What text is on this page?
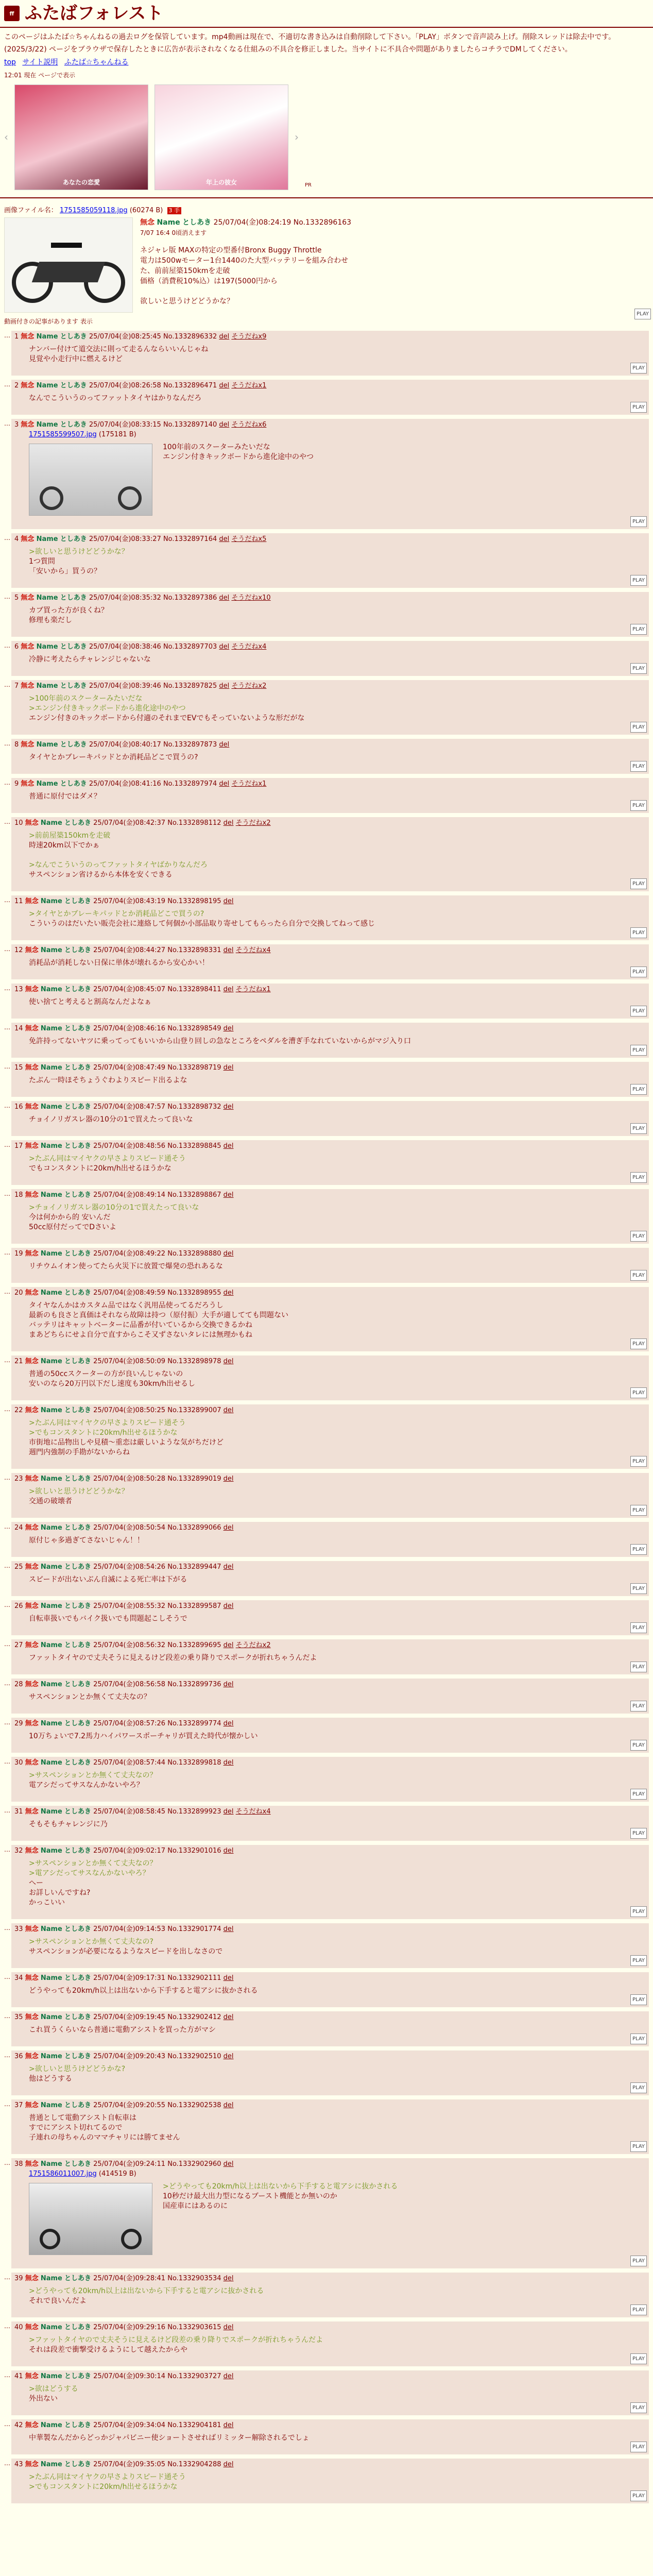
ff ふたばフォレスト
このページはふたば☆ちゃんねるの過去ログを保管しています。mp4動画は現在で、不適切な書き込みは自動削除して下さい。「PLAY」ボタンで音声読み上げ。削除スレッドは除去中です。
(2025/3/22) ページをブラウザで保存したときに広告が表示されなくなる仕組みの不具合を修正しました。当サイトに不具合や問題がありましたらコチラでDMしてください。
top サイト説明 ふたば☆ちゃんねる
12:01 現在 ページで表示
‹
あなたの恋愛	年上の彼女
›
PR
画像ファイル名： 1751585059118.jpg (60274 B) 3 手
無念 Name としあき 25/07/04(金)08:24:19 No.1332896163
7/07 16:4 0頃消えます
ネジャレ版 MAXの特定の型番付Bronx Buggy Throttle
電力は500wモーター1台1440のた大型バッテリーを組み合わせ
た、前前屋築150kmを走破
価格（消費税10%込）は197(5000円から
欲しいと思うけどどうかな？
動画付きの記事があります 表示
PLAY
… 1 無念 Name としあき 25/07/04(金)08:25:45 No.1332896332 del そうだねx9
ナンバー付けて道交法に則って走るんならいいんじゃね
見覚や小走行中に燃えるけど
PLAY
… 2 無念 Name としあき 25/07/04(金)08:26:58 No.1332896471 del そうだねx1
なんでこういうのってファットタイヤはかりなんだろ
PLAY
… 3 無念 Name としあき 25/07/04(金)08:33:15 No.1332897140 del そうだねx6
1751585599507.jpg (175181 B)
100年前のスクーターみたいだな
エンジン付きキックボードから進化途中のやつ
PLAY
… 4 無念 Name としあき 25/07/04(金)08:33:27 No.1332897164 del そうだねx5
>欲しいと思うけどどうかな？
1つ質問
「安いから」買うの？
PLAY
… 5 無念 Name としあき 25/07/04(金)08:35:32 No.1332897386 del そうだねx10
カブ買った方が良くね？
修理も楽だし
PLAY
… 6 無念 Name としあき 25/07/04(金)08:38:46 No.1332897703 del そうだねx4
冷静に考えたらチャレンジじゃないな
PLAY
… 7 無念 Name としあき 25/07/04(金)08:39:46 No.1332897825 del そうだねx2
>100年前のスクーターみたいだな
>エンジン付きキックボードから進化途中のやつ
エンジン付きのキックボードから付適のそれまでEVでもそっていないような形だがな
PLAY
… 8 無念 Name としあき 25/07/04(金)08:40:17 No.1332897873 del
タイヤとかブレーキパッドとか消耗品どこで買うの?
PLAY
… 9 無念 Name としあき 25/07/04(金)08:41:16 No.1332897974 del そうだねx1
普通に原付ではダメ？
PLAY
… 10 無念 Name としあき 25/07/04(金)08:42:37 No.1332898112 del そうだねx2
>前前屋築150kmを走破
時速20km以下でかぁ
>なんでこういうのってファットタイヤばかりなんだろ
サスペンション省けるから本体を安くできる
PLAY
… 11 無念 Name としあき 25/07/04(金)08:43:19 No.1332898195 del
>タイヤとかブレーキパッドとか消耗品どこで買うの?
こういうのはだいたい販売会社に連絡して何個か小部品取り寄せしてもらったら自分で交換してねって感じ
PLAY
… 12 無念 Name としあき 25/07/04(金)08:44:27 No.1332898331 del そうだねx4
消耗品が消耗しない日保に単体が壊れるから安心かい！
PLAY
… 13 無念 Name としあき 25/07/04(金)08:45:07 No.1332898411 del そうだねx1
使い捨てと考えると割高なんだよなぁ
PLAY
… 14 無念 Name としあき 25/07/04(金)08:46:16 No.1332898549 del
免許持ってないヤツに乗ってってもいいから山登り回しの急なところをペダルを漕ぎ手なれていないからがマジ入り口
PLAY
… 15 無念 Name としあき 25/07/04(金)08:47:49 No.1332898719 del
たぶん一時ほそちょうぐわよりスピード出るよな
PLAY
… 16 無念 Name としあき 25/07/04(金)08:47:57 No.1332898732 del
チョイノリガスレ器の10分の1で買えたって良いな
PLAY
… 17 無念 Name としあき 25/07/04(金)08:48:56 No.1332898845 del
>たぶん同はマイヤクの早さよりスピード通そう
でもコンスタントに20km/h出せるほうかな
PLAY
… 18 無念 Name としあき 25/07/04(金)08:49:14 No.1332898867 del
>チョイノリガスレ器の10分の1で買えたって良いな
今は何かから的 安いんだ
50cc原付だってでDさいよ
PLAY
… 19 無念 Name としあき 25/07/04(金)08:49:22 No.1332898880 del
リチウムイオン使ってたら火災下に放置で爆発の恐れあるな
PLAY
… 20 無念 Name としあき 25/07/04(金)08:49:59 No.1332898955 del
タイヤなんかはカスタム品ではなく汎用品使ってるだろうし
最新のも良さと真価はそれなら故障は持つ（原付振）大手が適してても問題ない
バッテリはキャットベーターに品番が付いているから交換できるかね
まあどちらにせよ自分で直すからこそ又ずさないタレには無理かもね
PLAY
… 21 無念 Name としあき 25/07/04(金)08:50:09 No.1332898978 del
普通の50ccスクーターの方が良いんじゃないの
安いのなら20万円以下だし速度も30km/h出せるし
PLAY
… 22 無念 Name としあき 25/07/04(金)08:50:25 No.1332899007 del
>たぶん同はマイヤクの早さよりスピード通そう
>でもコンスタントに20km/h出せるほうかな
市街地に品物出しや見積～重恋は厳しいような気がちだけど
週門内強制の手勘がないからね
PLAY
… 23 無念 Name としあき 25/07/04(金)08:50:28 No.1332899019 del
>欲しいと思うけどどうかな？
交通の破壊者
PLAY
… 24 無念 Name としあき 25/07/04(金)08:50:54 No.1332899066 del
原付じゃ多過ぎてさないじゃん！！
PLAY
… 25 無念 Name としあき 25/07/04(金)08:54:26 No.1332899447 del
スピードが出ないぶん自滅による死亡率は下がる
PLAY
… 26 無念 Name としあき 25/07/04(金)08:55:32 No.1332899587 del
自転車扱いでもバイク扱いでも問題起こしそうで
PLAY
… 27 無念 Name としあき 25/07/04(金)08:56:32 No.1332899695 del そうだねx2
ファットタイヤので丈夫そうに見えるけど段差の乗り降りでスポークが折れちゃうんだよ
PLAY
… 28 無念 Name としあき 25/07/04(金)08:56:58 No.1332899736 del
サスペンションとか無くて丈夫なの？
PLAY
… 29 無念 Name としあき 25/07/04(金)08:57:26 No.1332899774 del
10万ちょいで7.2馬力ハイパワースポーチャリが買えた時代が懐かしい
PLAY
… 30 無念 Name としあき 25/07/04(金)08:57:44 No.1332899818 del
>サスペンションとか無くて丈夫なの？
電アシだってサスなんかないやろ？
PLAY
… 31 無念 Name としあき 25/07/04(金)08:58:45 No.1332899923 del そうだねx4
そもそもチャレンジに乃
PLAY
… 32 無念 Name としあき 25/07/04(金)09:02:17 No.1332901016 del
>サスペンションとか無くて丈夫なの？
>電アシだってサスなんかないやろ？
へー
お詳しいんですね?
かっこいい
PLAY
… 33 無念 Name としあき 25/07/04(金)09:14:53 No.1332901774 del
>サスペンションとか無くて丈夫なの?
サスペンションが必要になるようなスピードを出しなさので
PLAY
… 34 無念 Name としあき 25/07/04(金)09:17:31 No.1332902111 del
どうやっても20km/h以上は出ないから下手すると電アシに抜かされる
PLAY
… 35 無念 Name としあき 25/07/04(金)09:19:45 No.1332902412 del
これ買うくらいなら普通に電動アシストを買った方がマシ
PLAY
… 36 無念 Name としあき 25/07/04(金)09:20:43 No.1332902510 del
>欲しいと思うけどどうかな?
他はどうする
PLAY
… 37 無念 Name としあき 25/07/04(金)09:20:55 No.1332902538 del
普通として電動アシスト自転車は
すでにアシスト切れてるので
子連れの母ちゃんのママチャリには勝てません
PLAY
… 38 無念 Name としあき 25/07/04(金)09:24:11 No.1332902960 del
1751586011007.jpg (414519 B)
>どうやっても20km/h以上は出ないから下手すると電アシに抜かされる
10秒だけ最大出力型になるブースト機能とか無いのか
国産車にはあるのに
PLAY
… 39 無念 Name としあき 25/07/04(金)09:28:41 No.1332903534 del
>どうやっても20km/h以上は出ないから下手すると電アシに抜かされる
それで良いんだよ
PLAY
… 40 無念 Name としあき 25/07/04(金)09:29:16 No.1332903615 del
>ファットタイヤので丈夫そうに見えるけど段差の乗り降りでスポークが折れちゃうんだよ
それは段差で衝撃受けるようにして越えたからや
PLAY
… 41 無念 Name としあき 25/07/04(金)09:30:14 No.1332903727 del
>欲はどうする
外出ない
PLAY
… 42 無念 Name としあき 25/07/04(金)09:34:04 No.1332904181 del
中華製なんだからどっかジャパビニー使ショートさせればリミッター解除されるでしょ
PLAY
… 43 無念 Name としあき 25/07/04(金)09:35:05 No.1332904288 del
>たぶん同はマイヤクの早さよりスピード通そう
>でもコンスタントに20km/h出せるほうかな
PLAY
